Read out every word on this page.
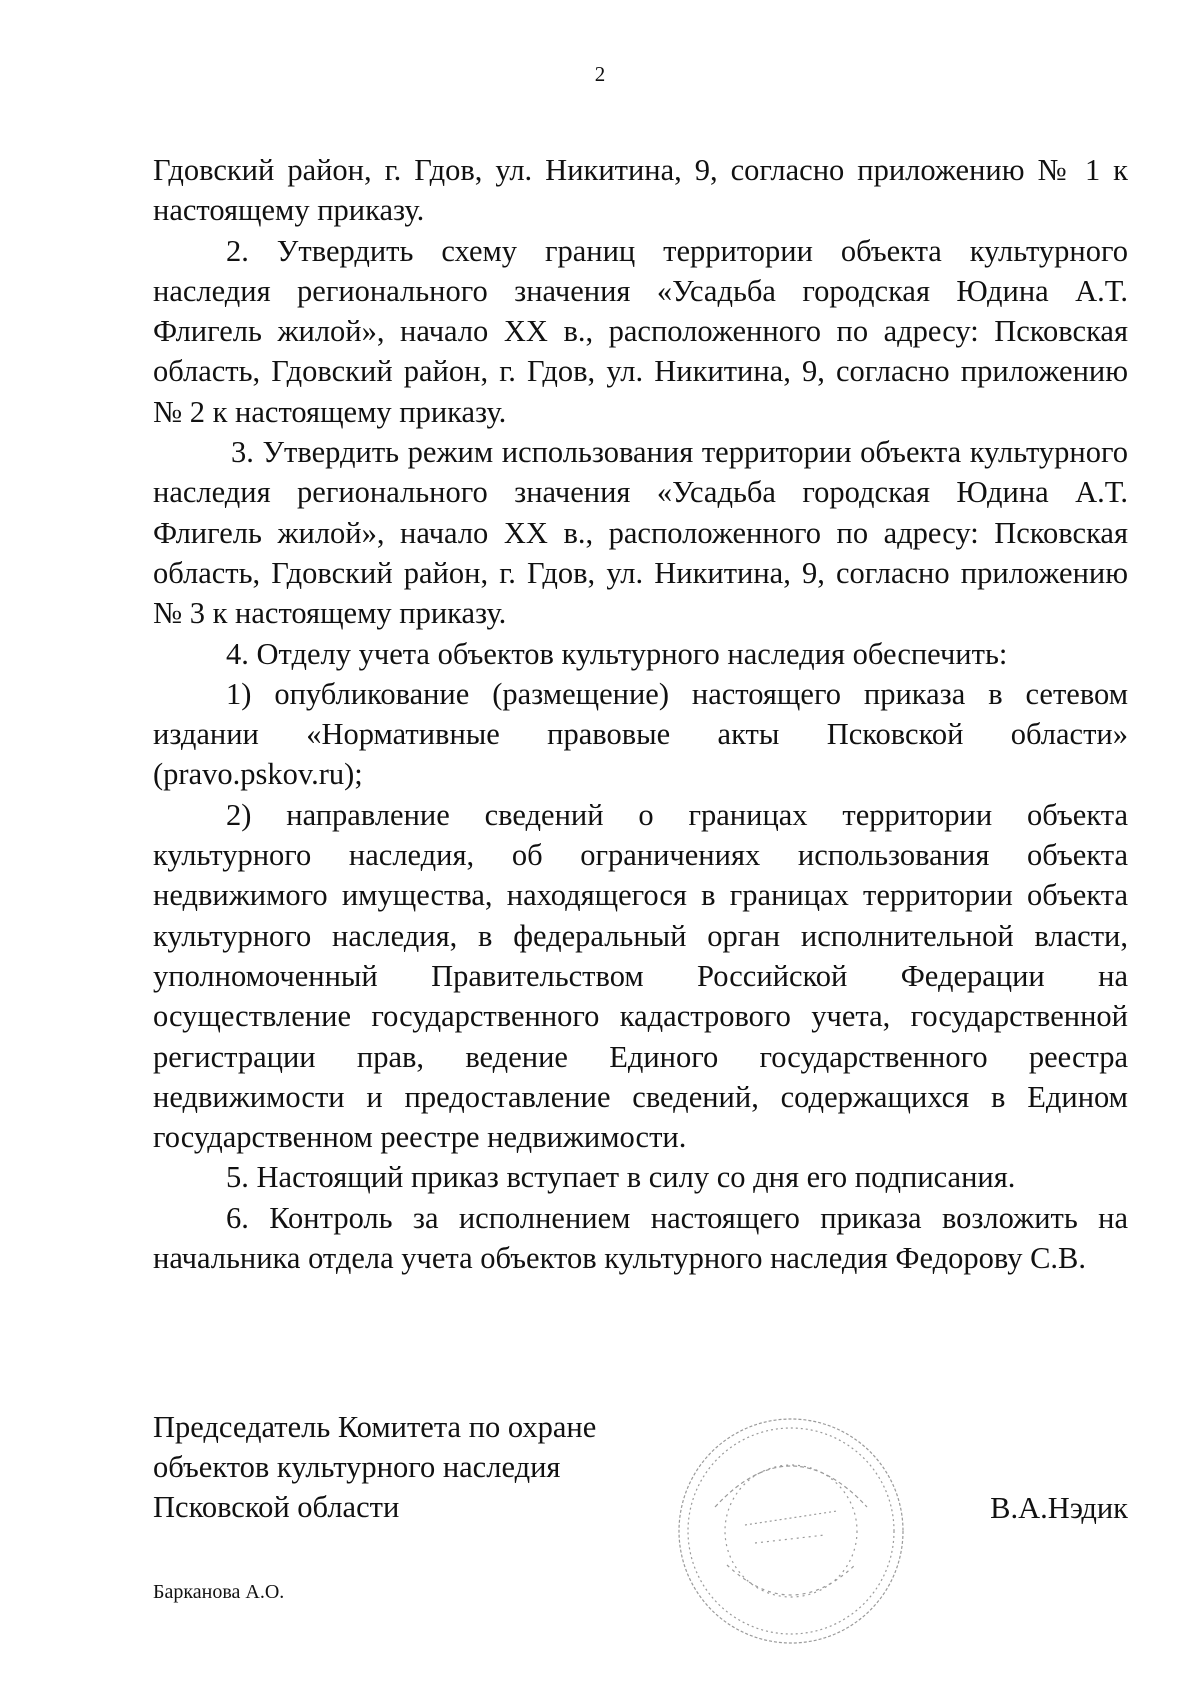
2

Гдовский район, г. Гдов, ул. Никитина, 9, согласно приложению № 1 к настоящему приказу.

2. Утвердить схему границ территории объекта культурного наследия регионального значения «Усадьба городская Юдина А.Т. Флигель жилой», начало XX в., расположенного по адресу: Псковская область, Гдовский район, г. Гдов, ул. Никитина, 9, согласно приложению № 2 к настоящему приказу.

3. Утвердить режим использования территории объекта культурного наследия регионального значения «Усадьба городская Юдина А.Т. Флигель жилой», начало XX в., расположенного по адресу: Псковская область, Гдовский район, г. Гдов, ул. Никитина, 9, согласно приложению № 3 к настоящему приказу.

4. Отделу учета объектов культурного наследия обеспечить:

1) опубликование (размещение) настоящего приказа в сетевом издании «Нормативные правовые акты Псковской области» (pravo.pskov.ru);

2) направление сведений о границах территории объекта культурного наследия, об ограничениях использования объекта недвижимого имущества, находящегося в границах территории объекта культурного наследия, в федеральный орган исполнительной власти, уполномоченный Правительством Российской Федерации на осуществление государственного кадастрового учета, государственной регистрации прав, ведение Единого государственного реестра недвижимости и предоставление сведений, содержащихся в Едином государственном реестре недвижимости.

5. Настоящий приказ вступает в силу со дня его подписания.

6. Контроль за исполнением настоящего приказа возложить на начальника отдела учета объектов культурного наследия Федорову С.В.

Председатель Комитета по охране
объектов культурного наследия
Псковской области	В.А.Нэдик
Барканова А.О.
